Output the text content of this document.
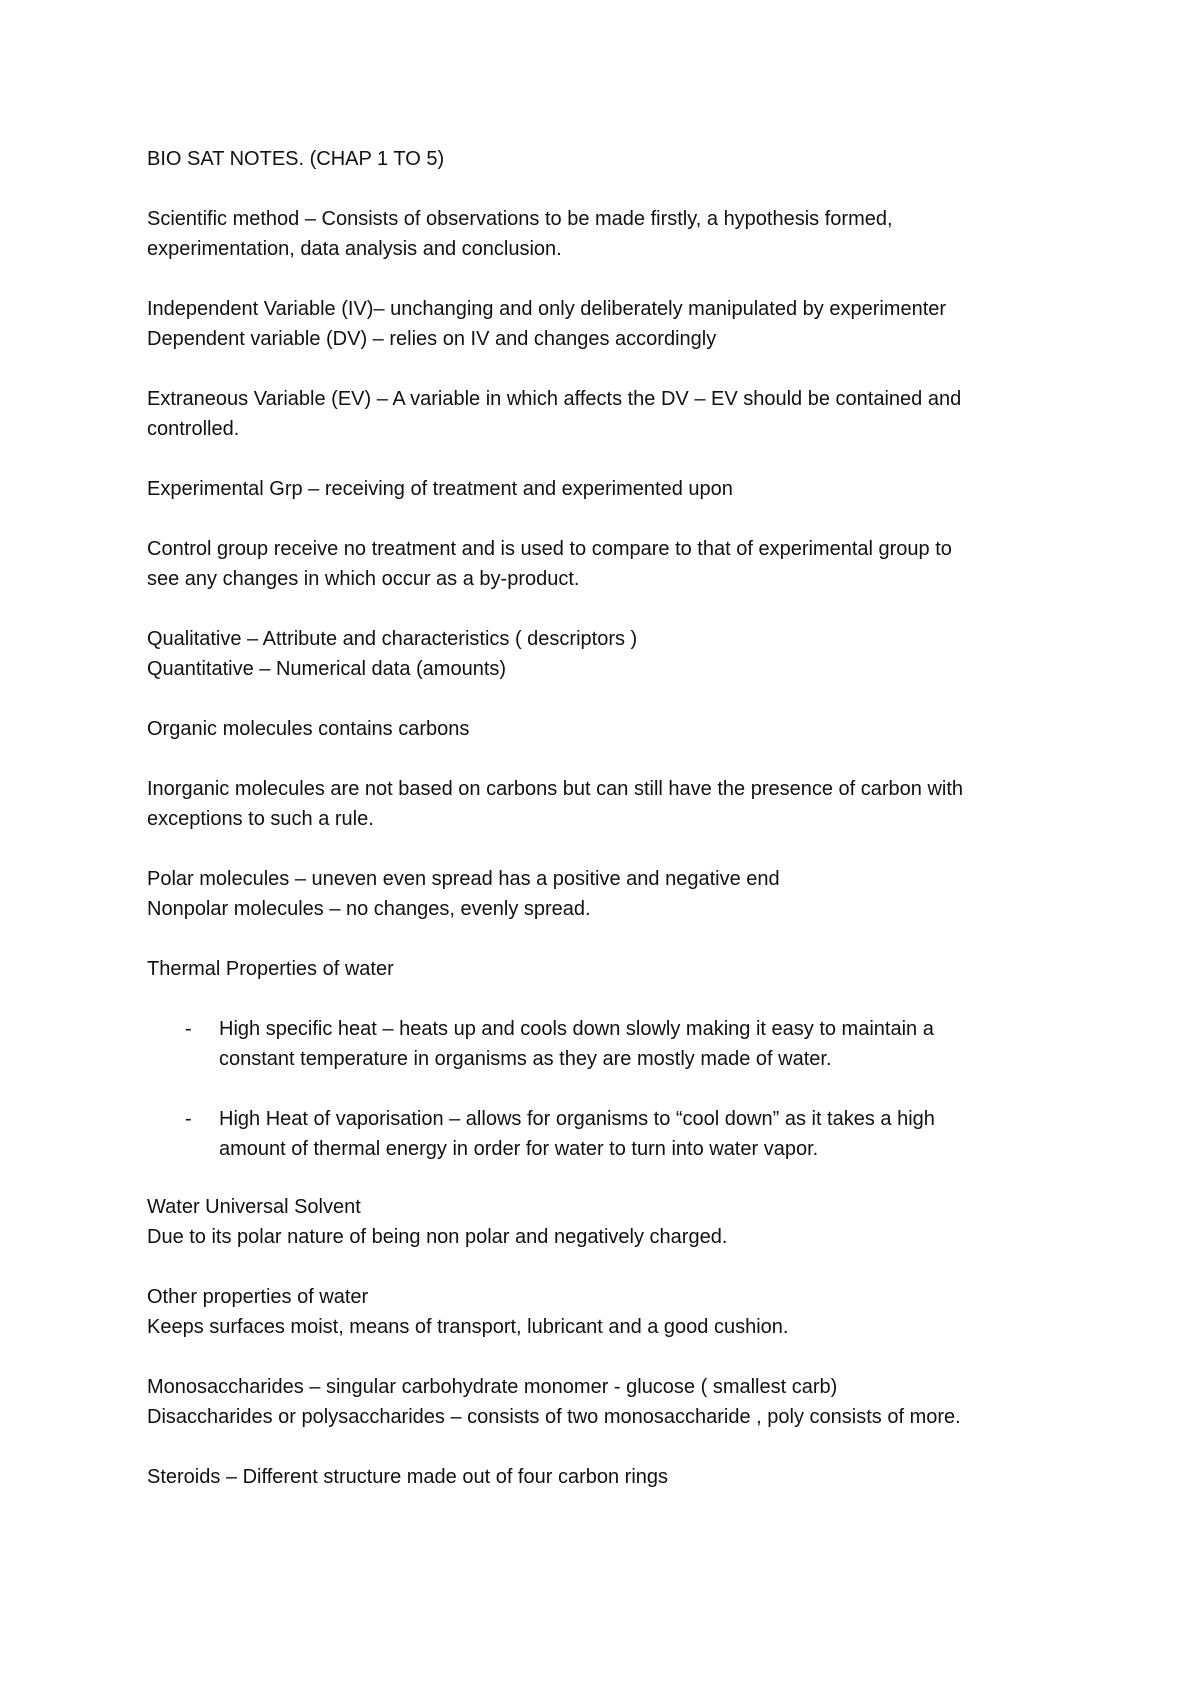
BIO SAT NOTES. (CHAP 1 TO 5)

Scientific method – Consists of observations to be made firstly, a hypothesis formed,

experimentation, data analysis and conclusion.

Independent Variable (IV)– unchanging and only deliberately manipulated by experimenter

Dependent variable (DV) – relies on IV and changes accordingly

Extraneous Variable (EV) – A variable in which affects the DV – EV should be contained and

controlled.

Experimental Grp – receiving of treatment and experimented upon

Control group receive no treatment and is used to compare to that of experimental group to

see any changes in which occur as a by-product.

Qualitative – Attribute and characteristics ( descriptors )

Quantitative – Numerical data (amounts)

Organic molecules contains carbons

Inorganic molecules are not based on carbons but can still have the presence of carbon with

exceptions to such a rule.

Polar molecules – uneven even spread has a positive and negative end

Nonpolar molecules – no changes, evenly spread.

Thermal Properties of water

- High specific heat – heats up and cools down slowly making it easy to maintain a

constant temperature in organisms as they are mostly made of water.

- High Heat of vaporisation – allows for organisms to “cool down” as it takes a high

amount of thermal energy in order for water to turn into water vapor.

Water Universal Solvent

Due to its polar nature of being non polar and negatively charged.

Other properties of water

Keeps surfaces moist, means of transport, lubricant and a good cushion.

Monosaccharides – singular carbohydrate monomer - glucose ( smallest carb)

Disaccharides or polysaccharides – consists of two monosaccharide , poly consists of more.

Steroids – Different structure made out of four carbon rings
